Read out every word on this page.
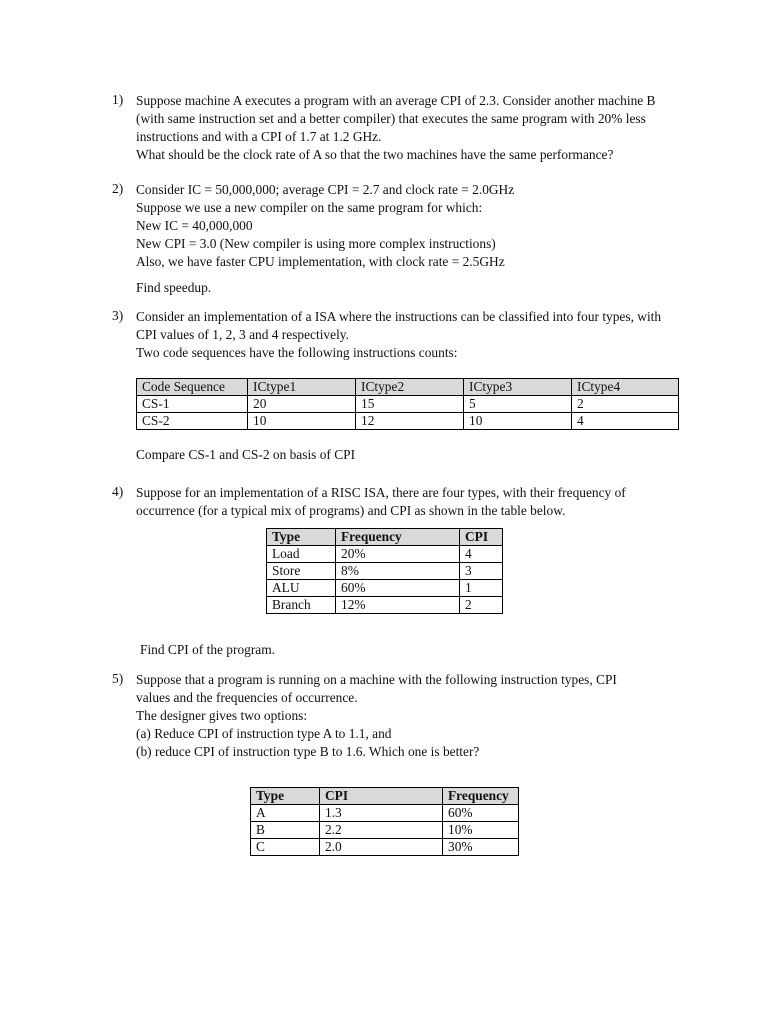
1) Suppose machine A executes a program with an average CPI of 2.3. Consider another machine B
(with same instruction set and a better compiler) that executes the same program with 20% less
instructions and with a CPI of 1.7 at 1.2 GHz.
What should be the clock rate of A so that the two machines have the same performance?
2) Consider IC = 50,000,000; average CPI = 2.7 and clock rate = 2.0GHz
Suppose we use a new compiler on the same program for which:
New IC = 40,000,000
New CPI = 3.0 (New compiler is using more complex instructions)
Also, we have faster CPU implementation, with clock rate = 2.5GHz
Find speedup.
3) Consider an implementation of a ISA where the instructions can be classified into four types, with
CPI values of 1, 2, 3 and 4 respectively.
Two code sequences have the following instructions counts:
Code Sequence	ICtype1	ICtype2	ICtype3	ICtype4
CS-1	20	15	5	2
CS-2	10	12	10	4
Compare CS-1 and CS-2 on basis of CPI
4) Suppose for an implementation of a RISC ISA, there are four types, with their frequency of
occurrence (for a typical mix of programs) and CPI as shown in the table below.
Type	Frequency	CPI
Load	20%	4
Store	8%	3
ALU	60%	1
Branch	12%	2
Find CPI of the program.
5) Suppose that a program is running on a machine with the following instruction types, CPI
values and the frequencies of occurrence.
The designer gives two options:
(a) Reduce CPI of instruction type A to 1.1, and
(b) reduce CPI of instruction type B to 1.6. Which one is better?
Type	CPI	Frequency
A	1.3	60%
B	2.2	10%
C	2.0	30%
